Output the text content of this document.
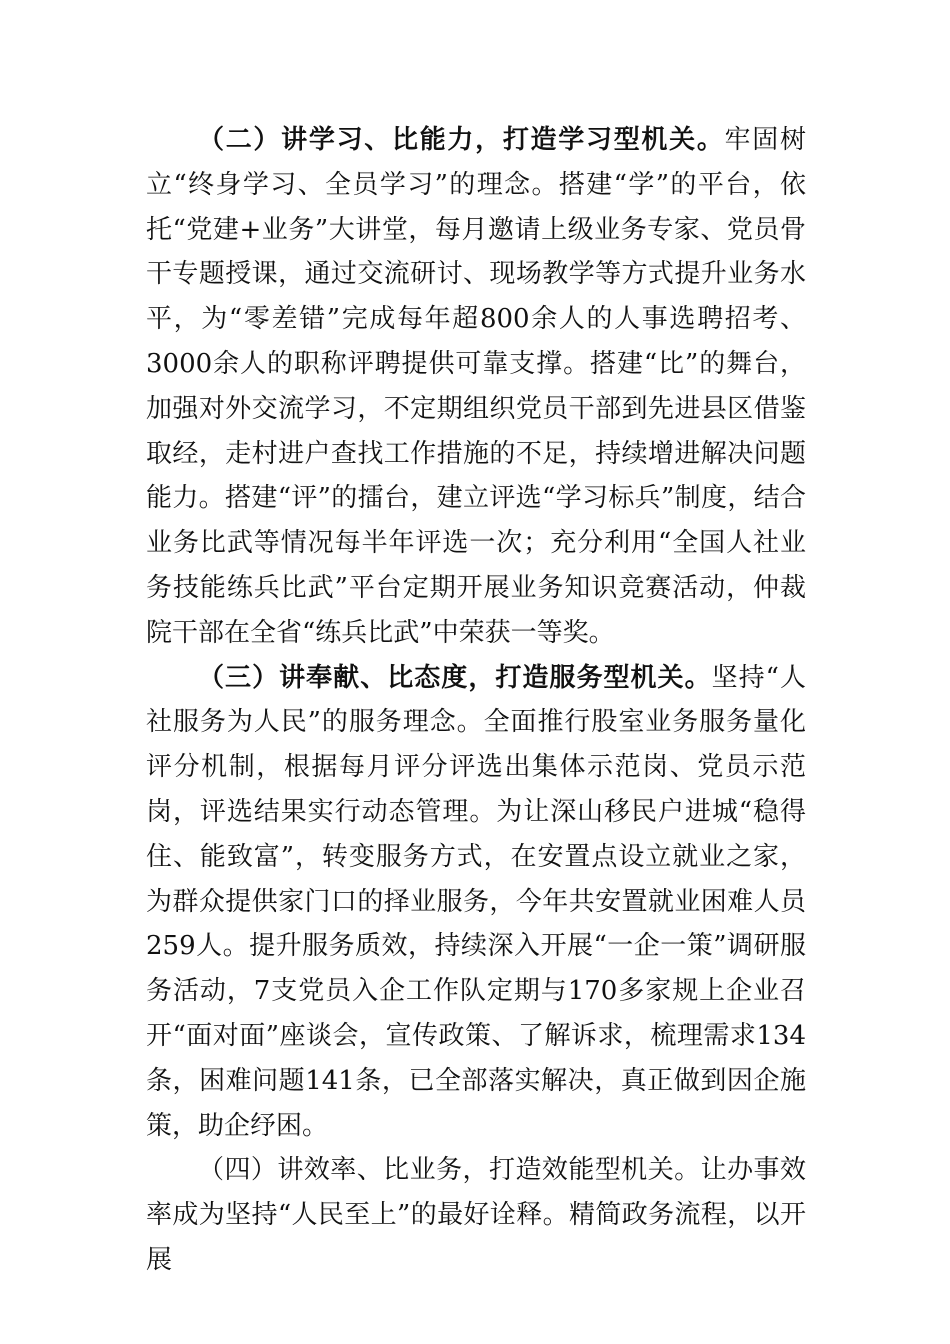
（二）讲学习、比能力，打造学习型机关。牢固树立“终身学习、全员学习”的理念。搭建“学”的平台，依托“党建+业务”大讲堂，每月邀请上级业务专家、党员骨干专题授课，通过交流研讨、现场教学等方式提升业务水平，为“零差错”完成每年超800余人的人事选聘招考、3000余人的职称评聘提供可靠支撑。搭建“比”的舞台，加强对外交流学习，不定期组织党员干部到先进县区借鉴取经，走村进户查找工作措施的不足，持续增进解决问题能力。搭建“评”的擂台，建立评选“学习标兵”制度，结合业务比武等情况每半年评选一次；充分利用“全国人社业务技能练兵比武”平台定期开展业务知识竞赛活动，仲裁院干部在全省“练兵比武”中荣获一等奖。

（三）讲奉献、比态度，打造服务型机关。坚持“人社服务为人民”的服务理念。全面推行股室业务服务量化评分机制，根据每月评分评选出集体示范岗、党员示范岗，评选结果实行动态管理。为让深山移民户进城“稳得住、能致富”，转变服务方式，在安置点设立就业之家，为群众提供家门口的择业服务，今年共安置就业困难人员259人。提升服务质效，持续深入开展“一企一策”调研服务活动，7支党员入企工作队定期与170多家规上企业召开“面对面”座谈会，宣传政策、了解诉求，梳理需求134条，困难问题141条，已全部落实解决，真正做到因企施策，助企纾困。

（四）讲效率、比业务，打造效能型机关。让办事效率成为坚持“人民至上”的最好诠释。精简政务流程，以开展
